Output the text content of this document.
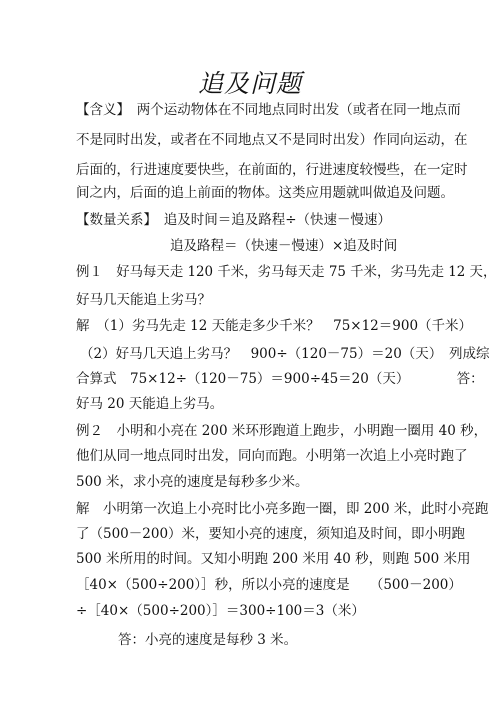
追及问题
【含义】　两个运动物体在不同地点同时出发（或者在同一地点而
不是同时出发，或者在不同地点又不是同时出发）作同向运动，在
后面的，行进速度要快些，在前面的，行进速度较慢些，在一定时
间之内，后面的追上前面的物体。这类应用题就叫做追及问题。
【数量关系】　追及时间＝追及路程÷（快速－慢速）
追及路程＝（快速－慢速）×追及时间
例１　好马每天走 120 千米，劣马每天走 75 千米，劣马先走 12 天，
好马几天能追上劣马？
解　（1）劣马先走 12 天能走多少千米？　75×12＝900（千米）
（2）好马几天追上劣马？　900÷（120－75）＝20（天）　列成综
合算式　75×12÷（120－75）＝900÷45＝20（天）　　　　答：
好马 20 天能追上劣马。
例２　小明和小亮在 200 米环形跑道上跑步，小明跑一圈用 40 秒，
他们从同一地点同时出发，同向而跑。小明第一次追上小亮时跑了
500 米，求小亮的速度是每秒多少米。
解　小明第一次追上小亮时比小亮多跑一圈，即 200 米，此时小亮跑
了（500－200）米，要知小亮的速度，须知追及时间，即小明跑
500 米所用的时间。又知小明跑 200 米用 40 秒，则跑 500 米用
［40×（500÷200）］秒，所以小亮的速度是　　（500－200）
÷［40×（500÷200）］＝300÷100＝3（米）
答：小亮的速度是每秒 3 米。
